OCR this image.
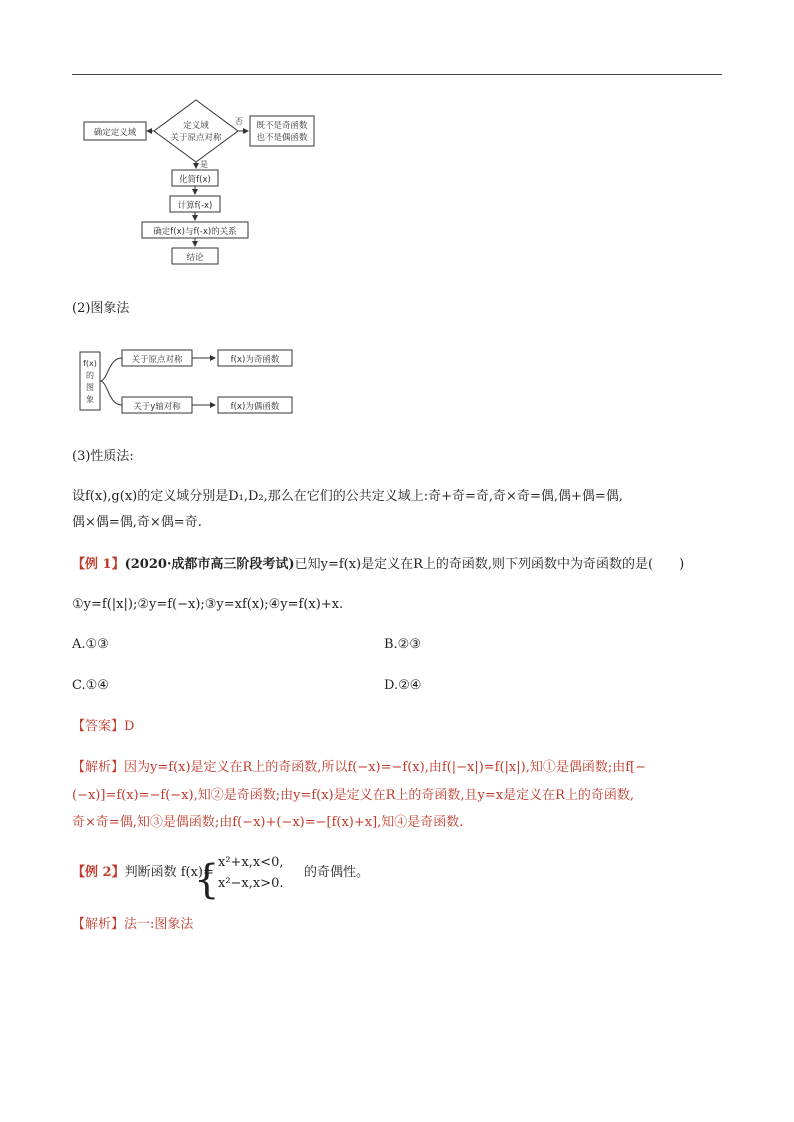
确定定义域
定义域
关于原点对称
否 既不是奇函数
也不是偶函数
是
化简f(x)
计算f(-x)
确定f(x)与f(-x)的关系
结论
(2)图象法
f(x)
的
图
象
关于原点对称	f(x)为奇函数
关于y轴对称	f(x)为偶函数
(3)性质法:
设f(x),g(x)的定义域分别是D₁,D₂,那么在它们的公共定义域上:奇+奇=奇,奇×奇=偶,偶+偶=偶,
偶×偶=偶,奇×偶=奇.
【例 1】(2020·成都市高三阶段考试)已知y=f(x)是定义在R上的奇函数,则下列函数中为奇函数的是(　　)
①y=f(|x|);②y=f(−x);③y=xf(x);④y=f(x)+x.
A.①③	B.②③
C.①④	D.②④
【答案】D
【解析】因为y=f(x)是定义在R上的奇函数,所以f(−x)=−f(x),由f(|−x|)=f(|x|),知①是偶函数;由f[−
(−x)]=f(x)=−f(−x),知②是奇函数;由y=f(x)是定义在R上的奇函数,且y=x是定义在R上的奇函数,
奇×奇=偶,知③是偶函数;由f(−x)+(−x)=−[f(x)+x],知④是奇函数.
【例 2】判断函数 f(x)=
{
x²+x,x<0,
x²−x,x>0.
的奇偶性。
【解析】法一:图象法
